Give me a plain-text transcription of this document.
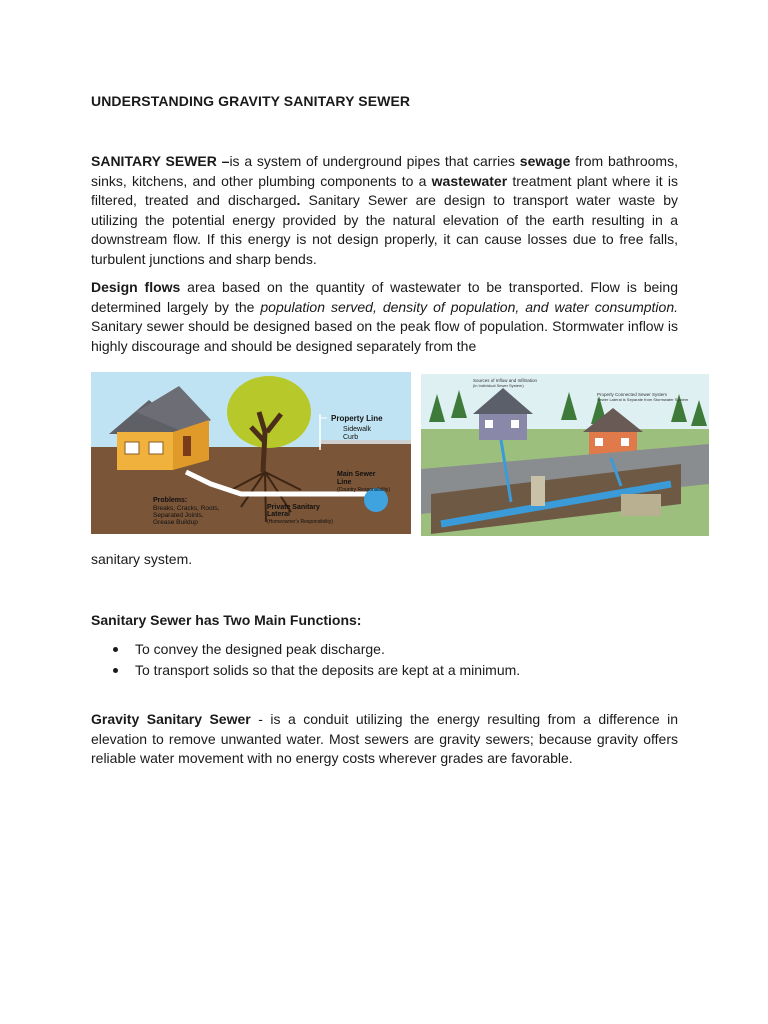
UNDERSTANDING GRAVITY SANITARY SEWER

SANITARY SEWER –is a system of underground pipes that carries sewage from bathrooms, sinks, kitchens, and other plumbing components to a wastewater treatment plant where it is filtered, treated and discharged. Sanitary Sewer are design to transport water waste by utilizing the potential energy provided by the natural elevation of the earth resulting in a downstream flow. If this energy is not design properly, it can cause losses due to free falls, turbulent junctions and sharp bends.

Design flows area based on the quantity of wastewater to be transported. Flow is being determined largely by the population served, density of population, and water consumption. Sanitary sewer should be designed based on the peak flow of population. Stormwater inflow is highly discourage and should be designed separately from the

Property Line
Sidewalk
Curb
Main Sewer
Line
(Country Responsibility)
Problems:
Breaks, Cracks, Roots,
Separated Joints,
Grease Buildup
Private Sanitary
Lateral
(Homeowner's Responsibility)
Sources of Inflow and Infiltration
(in Individual Sewer System)
Properly Connected Sewer System
Sewer Lateral is Separate from Stormwater System
sanitary system.
Sanitary Sewer has Two Main Functions:
To convey the designed peak discharge.
To transport solids so that the deposits are kept at a minimum.

Gravity Sanitary Sewer - is a conduit utilizing the energy resulting from a difference in elevation to remove unwanted water. Most sewers are gravity sewers; because gravity offers reliable water movement with no energy costs wherever grades are favorable.
